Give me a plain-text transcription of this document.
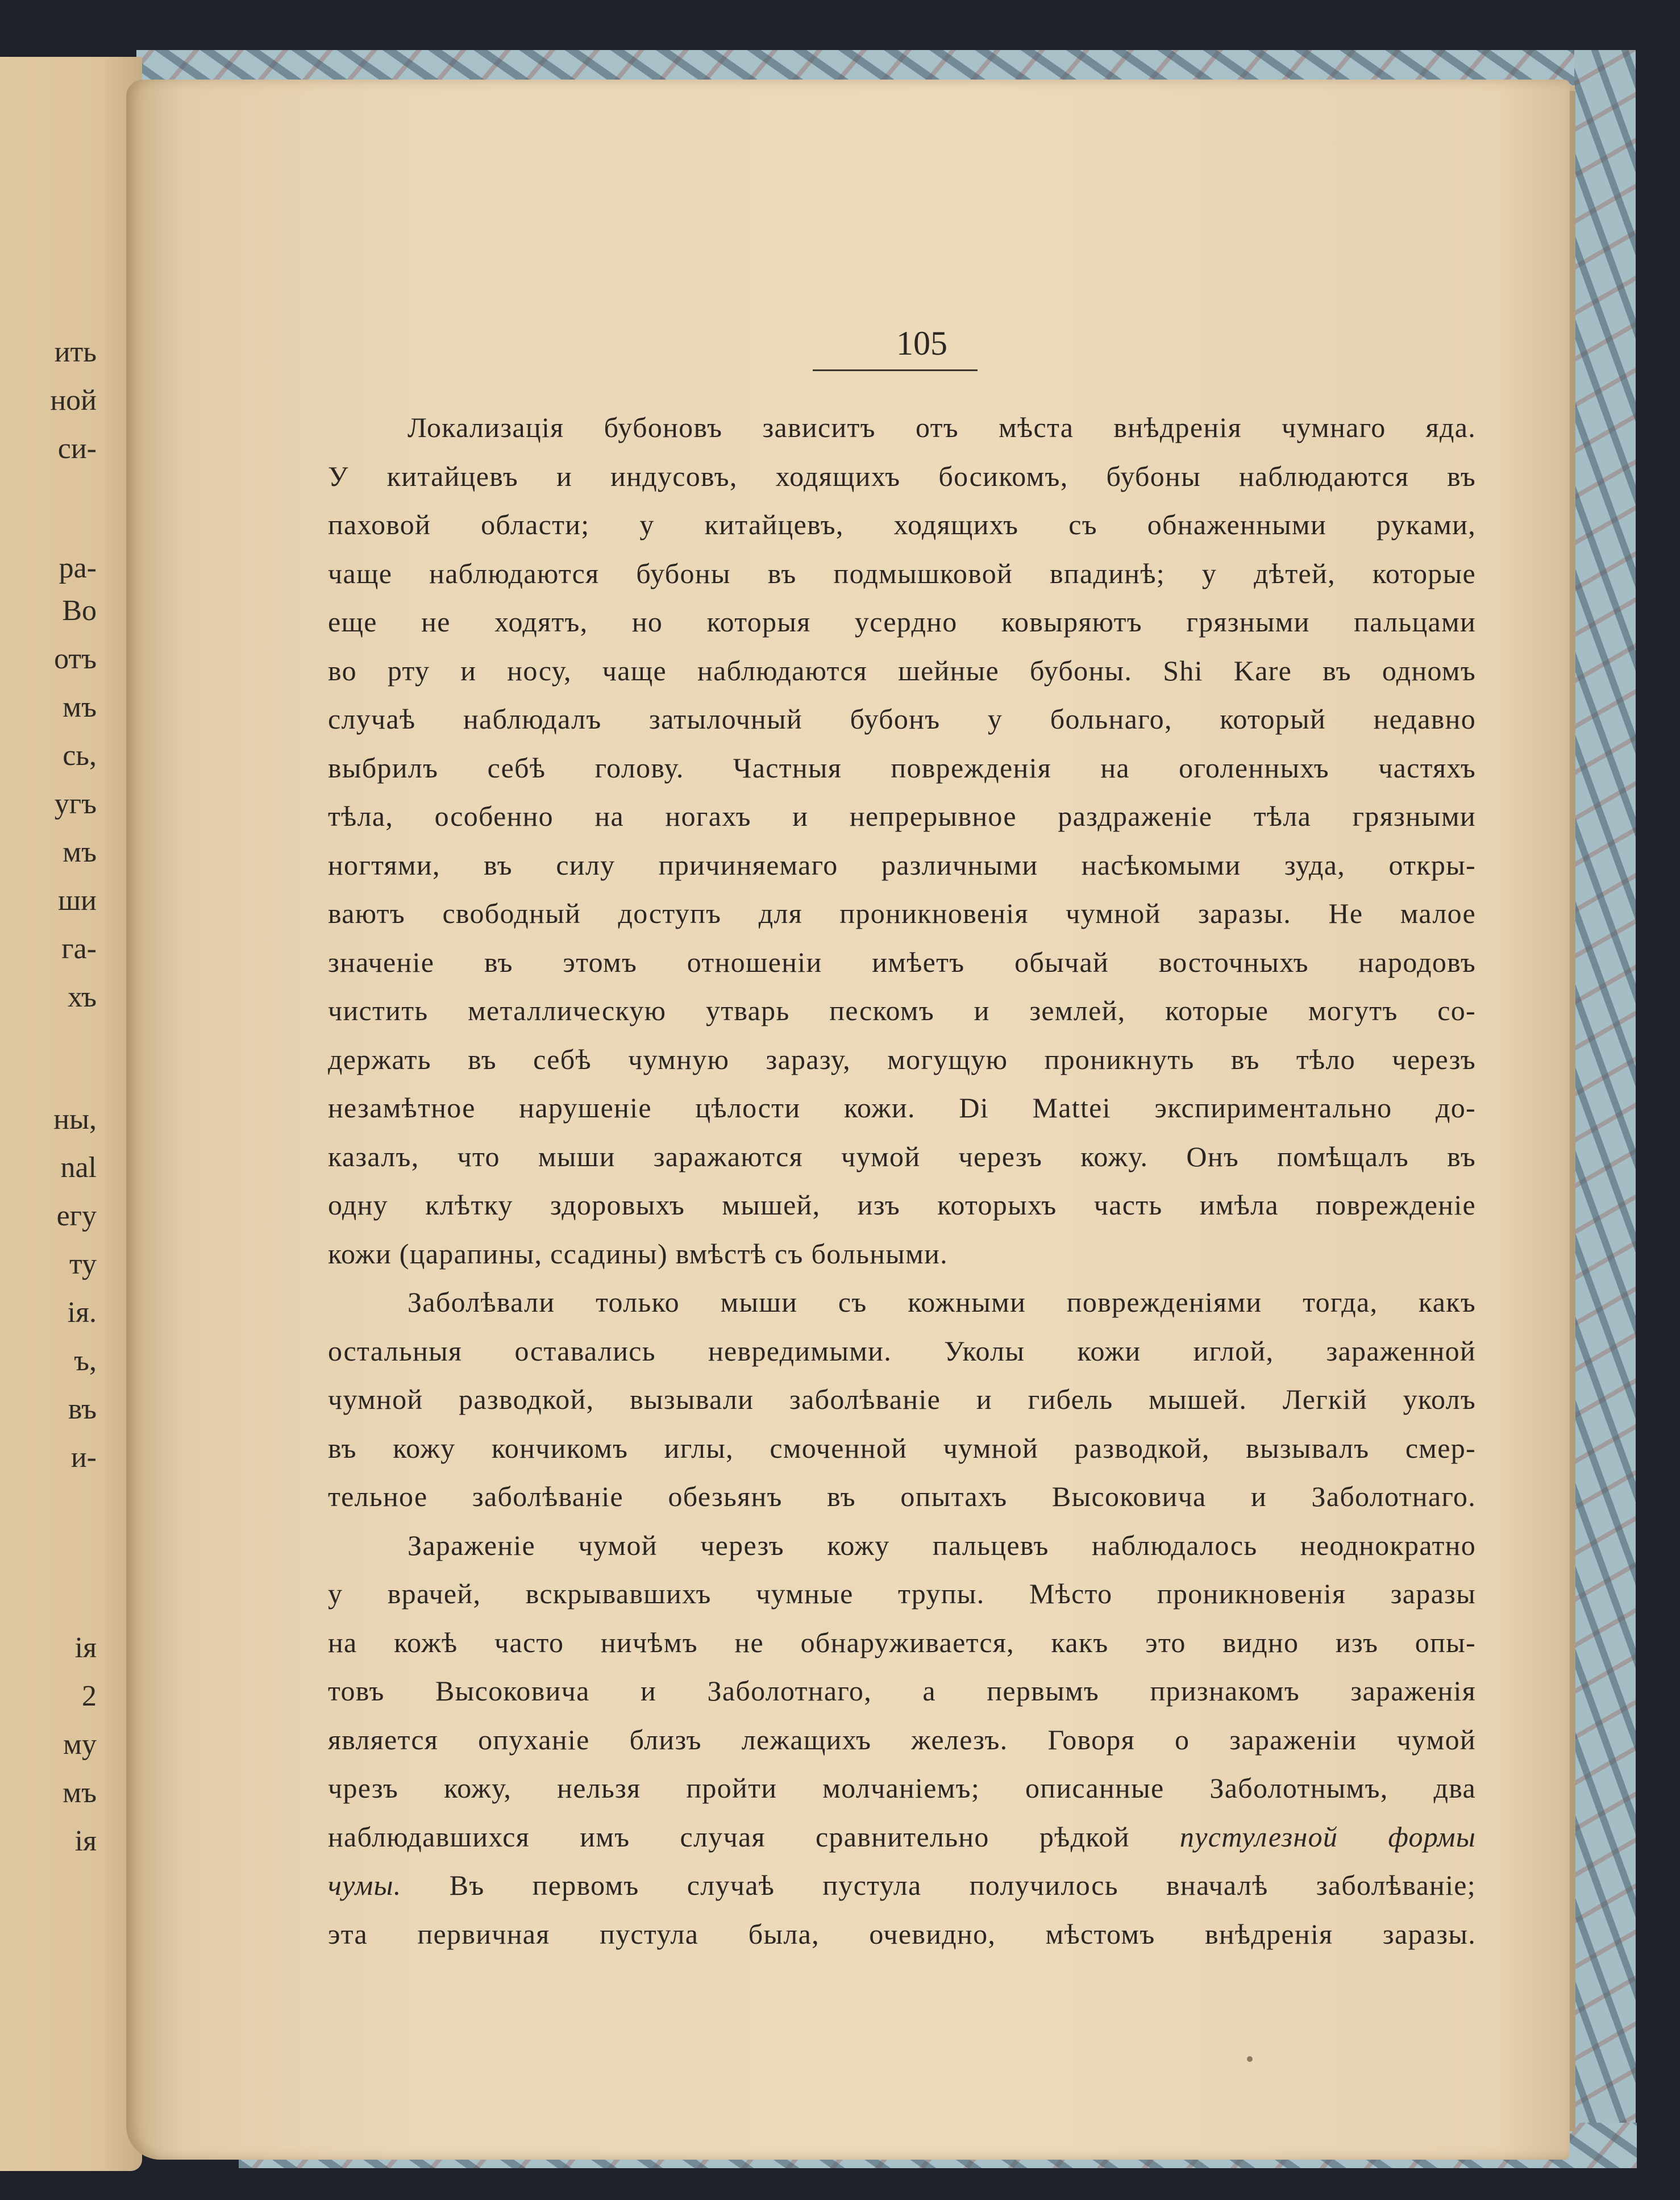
ить
ной
си-
ра-
Во
отъ
мъ
сь,
угъ
мъ
ши
га-
хъ
ны,
nal
егу
ту
ія.
ъ,
въ
и-
ія
2
му
мъ
ія
105
Локализація бубоновъ зависитъ отъ мѣста внѣдренія чумнаго яда.
У китайцевъ и индусовъ, ходящихъ босикомъ, бубоны наблюдаются въ
паховой области; у китайцевъ, ходящихъ съ обнаженными руками,
чаще наблюдаются бубоны въ подмышковой впадинѣ; у дѣтей, которые
еще не ходятъ, но которыя усердно ковыряютъ грязными пальцами
во рту и носу, чаще наблюдаются шейные бубоны. Shi Kare въ одномъ
случаѣ наблюдалъ затылочный бубонъ у больнаго, который недавно
выбрилъ себѣ голову. Частныя поврежденія на оголенныхъ частяхъ
тѣла, особенно на ногахъ и непрерывное раздраженіе тѣла грязными
ногтями, въ силу причиняемаго различными насѣкомыми зуда, откры-
ваютъ свободный доступъ для проникновенія чумной заразы. Не малое
значеніе въ этомъ отношеніи имѣетъ обычай восточныхъ народовъ
чистить металлическую утварь пескомъ и землей, которые могутъ со-
держать въ себѣ чумную заразу, могущую проникнуть въ тѣло черезъ
незамѣтное нарушеніе цѣлости кожи. Di Mattei экспириментально до-
казалъ, что мыши заражаются чумой черезъ кожу. Онъ помѣщалъ въ
одну клѣтку здоровыхъ мышей, изъ которыхъ часть имѣла поврежденіе
кожи (царапины, ссадины) вмѣстѣ съ больными.
Заболѣвали только мыши съ кожными поврежденіями тогда, какъ
остальныя оставались невредимыми. Уколы кожи иглой, зараженной
чумной разводкой, вызывали заболѣваніе и гибель мышей. Легкій уколъ
въ кожу кончикомъ иглы, смоченной чумной разводкой, вызывалъ смер-
тельное заболѣваніе обезьянъ въ опытахъ Высоковича и Заболотнаго.
Зараженіе чумой черезъ кожу пальцевъ наблюдалось неоднократно
у врачей, вскрывавшихъ чумные трупы. Мѣсто проникновенія заразы
на кожѣ часто ничѣмъ не обнаруживается, какъ это видно изъ опы-
товъ Высоковича и Заболотнаго, а первымъ признакомъ зараженія
является опуханіе близъ лежащихъ железъ. Говоря о зараженіи чумой
чрезъ кожу, нельзя пройти молчаніемъ; описанные Заболотнымъ, два
наблюдавшихся имъ случая сравнительно рѣдкой пустулезной формы
чумы. Въ первомъ случаѣ пустула получилось вначалѣ заболѣваніе;
эта первичная пустула была, очевидно, мѣстомъ внѣдренія заразы.
